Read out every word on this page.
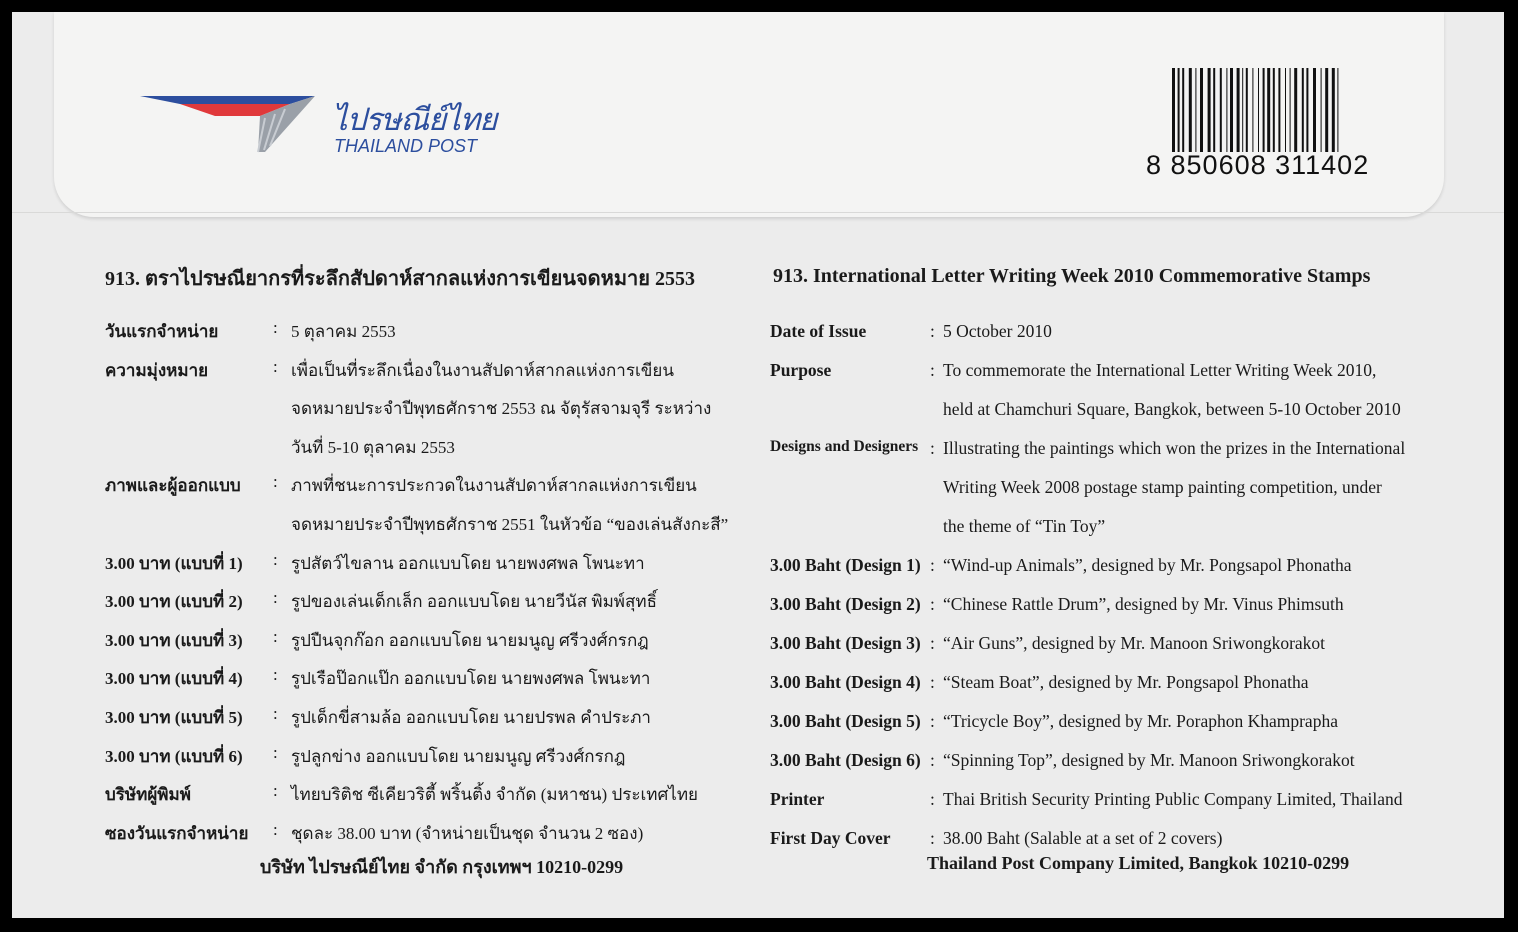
ไปรษณีย์ไทย
THAILAND POST
8 850608 311402
913. ตราไปรษณียากรที่ระลึกสัปดาห์สากลแห่งการเขียนจดหมาย 2553
วันแรกจำหน่าย	: 5 ตุลาคม 2553
ความมุ่งหมาย	: เพื่อเป็นที่ระลึกเนื่องในงานสัปดาห์สากลแห่งการเขียน
จดหมายประจำปีพุทธศักราช 2553 ณ จัตุรัสจามจุรี ระหว่าง
วันที่ 5-10 ตุลาคม 2553
ภาพและผู้ออกแบบ : ภาพที่ชนะการประกวดในงานสัปดาห์สากลแห่งการเขียน
จดหมายประจำปีพุทธศักราช 2551 ในหัวข้อ “ของเล่นสังกะสี”
3.00 บาท (แบบที่ 1) : รูปสัตว์ไขลาน ออกแบบโดย นายพงศพล โพนะทา
3.00 บาท (แบบที่ 2) : รูปของเล่นเด็กเล็ก ออกแบบโดย นายวีนัส พิมพ์สุทธิ์
3.00 บาท (แบบที่ 3) : รูปปืนจุกก๊อก ออกแบบโดย นายมนูญ ศรีวงศ์กรกฎ
3.00 บาท (แบบที่ 4) : รูปเรือป๊อกแป๊ก ออกแบบโดย นายพงศพล โพนะทา
3.00 บาท (แบบที่ 5) : รูปเด็กขี่สามล้อ ออกแบบโดย นายปรพล คำประภา
3.00 บาท (แบบที่ 6) : รูปลูกข่าง ออกแบบโดย นายมนูญ ศรีวงศ์กรกฎ
บริษัทผู้พิมพ์	: ไทยบริติช ซีเคียวริตี้ พริ้นติ้ง จำกัด (มหาชน) ประเทศไทย
ซองวันแรกจำหน่าย : ชุดละ 38.00 บาท (จำหน่ายเป็นชุด จำนวน 2 ซอง)
913. International Letter Writing Week 2010 Commemorative Stamps
Date of Issue	: 5 October 2010
Purpose	: To commemorate the International Letter Writing Week 2010,
held at Chamchuri Square, Bangkok, between 5-10 October 2010
Designs and Designers : Illustrating the paintings which won the prizes in the International
Writing Week 2008 postage stamp painting competition, under
the theme of “Tin Toy”
3.00 Baht (Design 1) : “Wind-up Animals”, designed by Mr. Pongsapol Phonatha
3.00 Baht (Design 2) : “Chinese Rattle Drum”, designed by Mr. Vinus Phimsuth
3.00 Baht (Design 3) : “Air Guns”, designed by Mr. Manoon Sriwongkorakot
3.00 Baht (Design 4) : “Steam Boat”, designed by Mr. Pongsapol Phonatha
3.00 Baht (Design 5) : “Tricycle Boy”, designed by Mr. Poraphon Khamprapha
3.00 Baht (Design 6) : “Spinning Top”, designed by Mr. Manoon Sriwongkorakot
Printer	: Thai British Security Printing Public Company Limited, Thailand
First Day Cover : 38.00 Baht (Salable at a set of 2 covers)
บริษัท ไปรษณีย์ไทย จำกัด กรุงเทพฯ 10210-0299	Thailand Post Company Limited, Bangkok 10210-0299
